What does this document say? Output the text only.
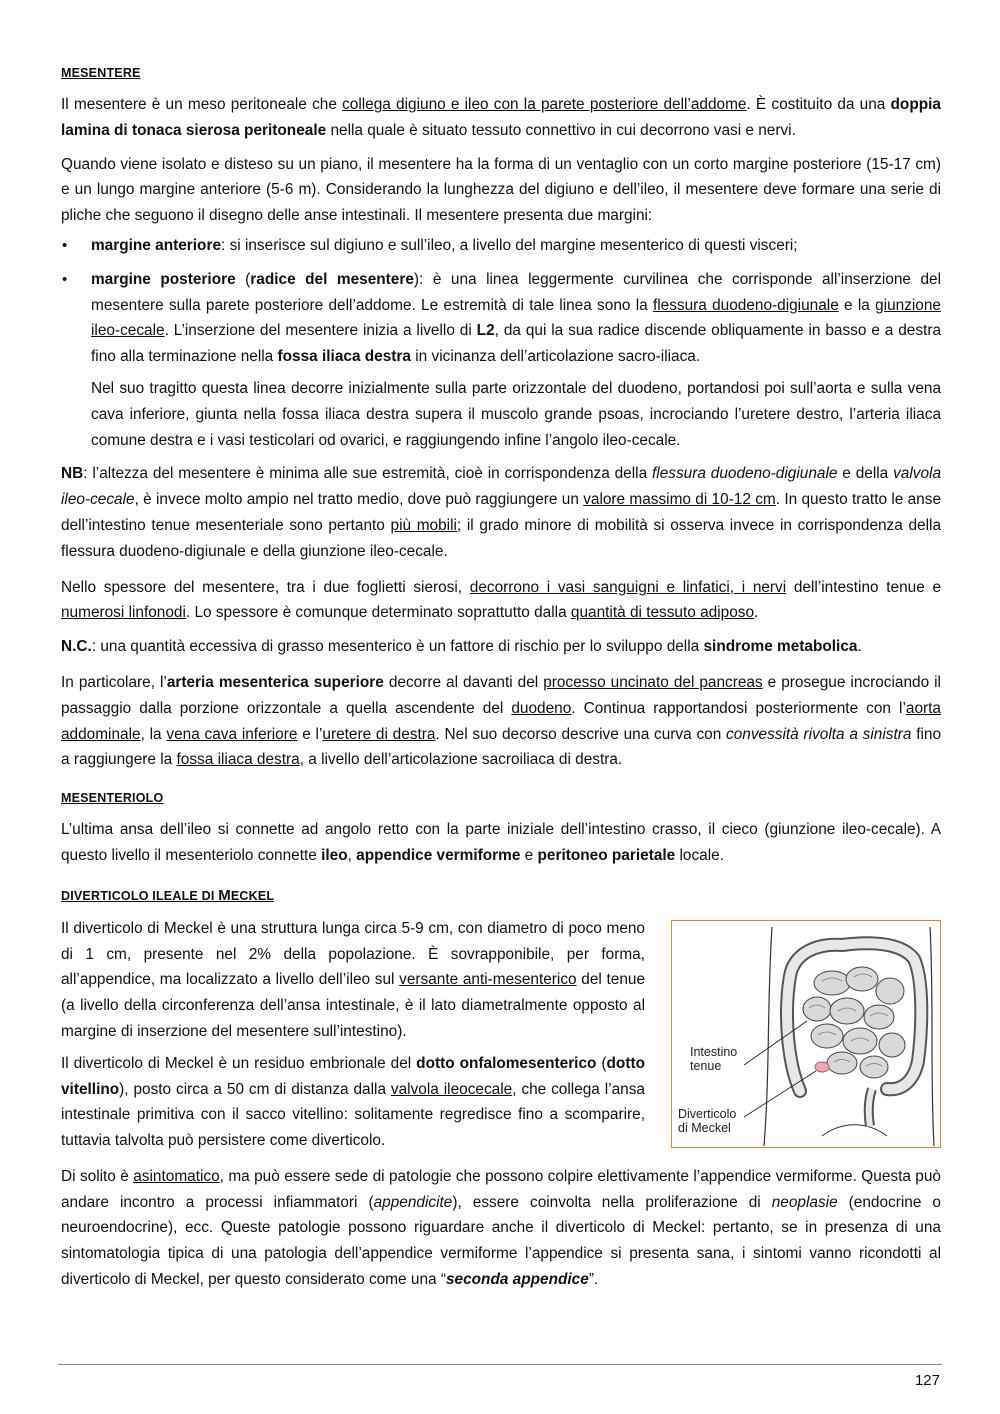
MESENTERE

Il mesentere è un meso peritoneale che collega digiuno e ileo con la parete posteriore dell’addome. È costituito da una doppia lamina di tonaca sierosa peritoneale nella quale è situato tessuto connettivo in cui decorrono vasi e nervi.

Quando viene isolato e disteso su un piano, il mesentere ha la forma di un ventaglio con un corto margine posteriore (15-17 cm) e un lungo margine anteriore (5-6 m). Considerando la lunghezza del digiuno e dell’ileo, il mesentere deve formare una serie di pliche che seguono il disegno delle anse intestinali. Il mesentere presenta due margini:

• margine anteriore: si inserisce sul digiuno e sull’ileo, a livello del margine mesenterico di questi visceri;

• margine posteriore (radice del mesentere): è una linea leggermente curvilinea che corrisponde all’inserzione del mesentere sulla parete posteriore dell’addome. Le estremità di tale linea sono la flessura duodeno-digiunale e la giunzione ileo-cecale. L’inserzione del mesentere inizia a livello di L2, da qui la sua radice discende obliquamente in basso e a destra fino alla terminazione nella fossa iliaca destra in vicinanza dell’articolazione sacro-iliaca.

Nel suo tragitto questa linea decorre inizialmente sulla parte orizzontale del duodeno, portandosi poi sull’aorta e sulla vena cava inferiore, giunta nella fossa iliaca destra supera il muscolo grande psoas, incrociando l’uretere destro, l’arteria iliaca comune destra e i vasi testicolari od ovarici, e raggiungendo infine l’angolo ileo-cecale.

NB: l’altezza del mesentere è minima alle sue estremità, cioè in corrispondenza della flessura duodeno-digiunale e della valvola ileo-cecale, è invece molto ampio nel tratto medio, dove può raggiungere un valore massimo di 10-12 cm. In questo tratto le anse dell’intestino tenue mesenteriale sono pertanto più mobili; il grado minore di mobilità si osserva invece in corrispondenza della flessura duodeno-digiunale e della giunzione ileo-cecale.

Nello spessore del mesentere, tra i due foglietti sierosi, decorrono i vasi sanguigni e linfatici, i nervi dell’intestino tenue e numerosi linfonodi. Lo spessore è comunque determinato soprattutto dalla quantità di tessuto adiposo.

N.C.: una quantità eccessiva di grasso mesenterico è un fattore di rischio per lo sviluppo della sindrome metabolica.

In particolare, l’arteria mesenterica superiore decorre al davanti del processo uncinato del pancreas e prosegue incrociando il passaggio dalla porzione orizzontale a quella ascendente del duodeno. Continua rapportandosi posteriormente con l’aorta addominale, la vena cava inferiore e l’uretere di destra. Nel suo decorso descrive una curva con convessità rivolta a sinistra fino a raggiungere la fossa iliaca destra, a livello dell’articolazione sacroiliaca di destra.

MESENTERIOLO

L’ultima ansa dell’ileo si connette ad angolo retto con la parte iniziale dell’intestino crasso, il cieco (giunzione ileo-cecale). A questo livello il mesenteriolo connette ileo, appendice vermiforme e peritoneo parietale locale.

DIVERTICOLO ILEALE DI MECKEL
Intestino
tenue
Diverticolo
di Meckel

Il diverticolo di Meckel è una struttura lunga circa 5-9 cm, con diametro di poco meno di 1 cm, presente nel 2% della popolazione. È sovrapponibile, per forma, all’appendice, ma localizzato a livello dell’ileo sul versante anti-mesenterico del tenue (a livello della circonferenza dell’ansa intestinale, è il lato diametralmente opposto al margine di inserzione del mesentere sull’intestino).

Il diverticolo di Meckel è un residuo embrionale del dotto onfalomesenterico (dotto vitellino), posto circa a 50 cm di distanza dalla valvola ileocecale, che collega l’ansa intestinale primitiva con il sacco vitellino: solitamente regredisce fino a scomparire, tuttavia talvolta può persistere come diverticolo.

Di solito è asintomatico, ma può essere sede di patologie che possono colpire elettivamente l’appendice vermiforme. Questa può andare incontro a processi infiammatori (appendicite), essere coinvolta nella proliferazione di neoplasie (endocrine o neuroendocrine), ecc. Queste patologie possono riguardare anche il diverticolo di Meckel: pertanto, se in presenza di una sintomatologia tipica di una patologia dell’appendice vermiforme l’appendice si presenta sana, i sintomi vanno ricondotti al diverticolo di Meckel, per questo considerato come una “seconda appendice”.

127
